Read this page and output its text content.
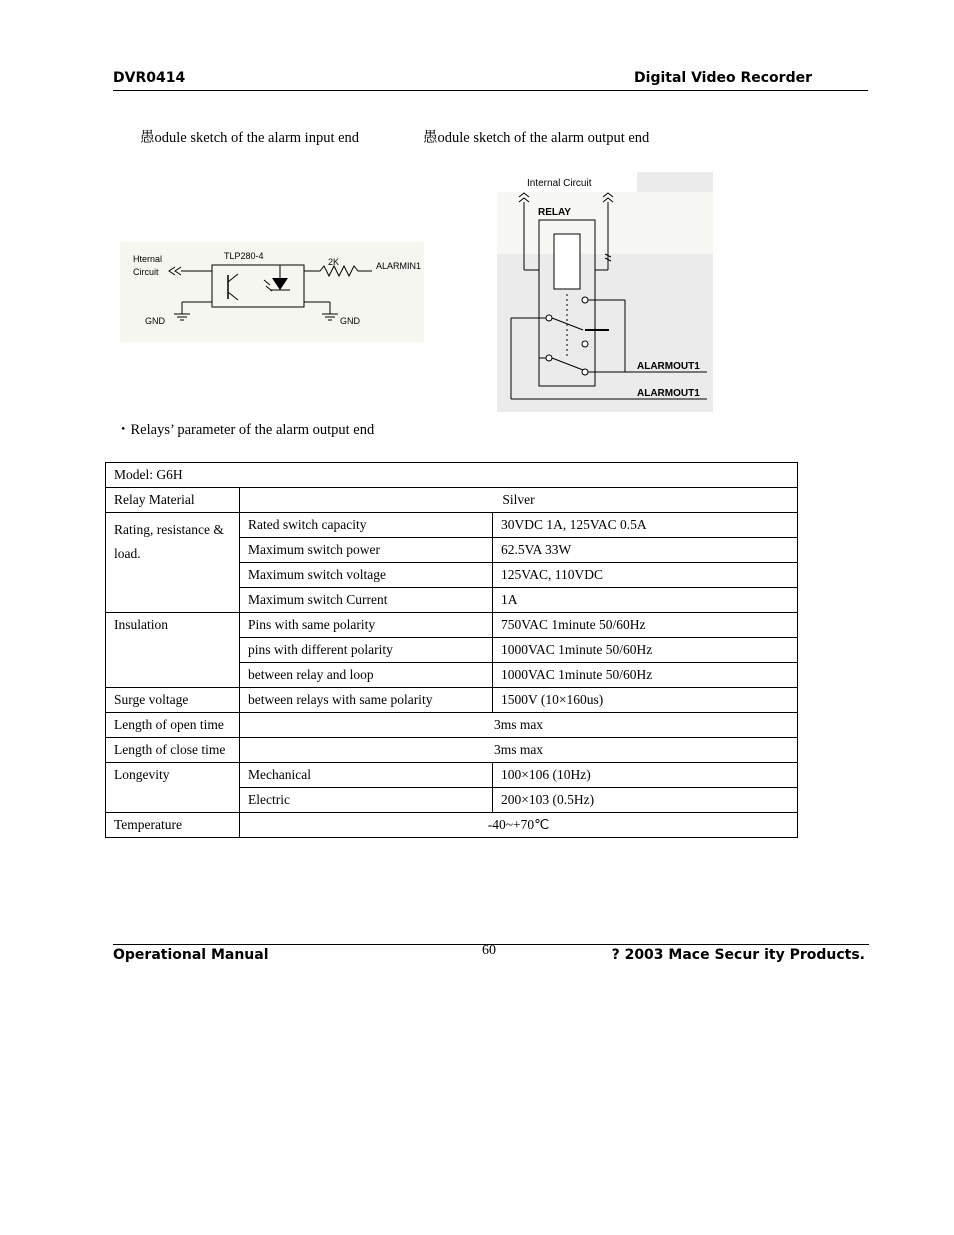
DVR0414	Digital Video Recorder
愚odule sketch of the alarm input end	愚odule sketch of the alarm output end
Hternal
Circuit
TLP280-4
2K	ALARMIN1
GND	GND
Internal Circuit
RELAY
ALARMOUT1
ALARMOUT1
・Relays’ parameter of the alarm output end
Model: G6H		
Relay Material	Silver	
Rating, resistance & load.	Rated switch capacity	30VDC 1A, 125VAC 0.5A
	Maximum switch power	62.5VA 33W
	Maximum switch voltage	125VAC, 110VDC
	Maximum switch Current	1A
Insulation	Pins with same polarity	750VAC 1minute 50/60Hz
	pins with different polarity	1000VAC 1minute 50/60Hz
	between relay and loop	1000VAC 1minute 50/60Hz
Surge voltage	between relays with same polarity	1500V (10×160us)
Length of open time	3ms max	
Length of close time	3ms max	
Longevity	Mechanical	100×106 (10Hz)
	Electric	200×103 (0.5Hz)
Temperature	-40~+70℃	
Operational Manual	60	? 2003 Mace Secur ity Products.
